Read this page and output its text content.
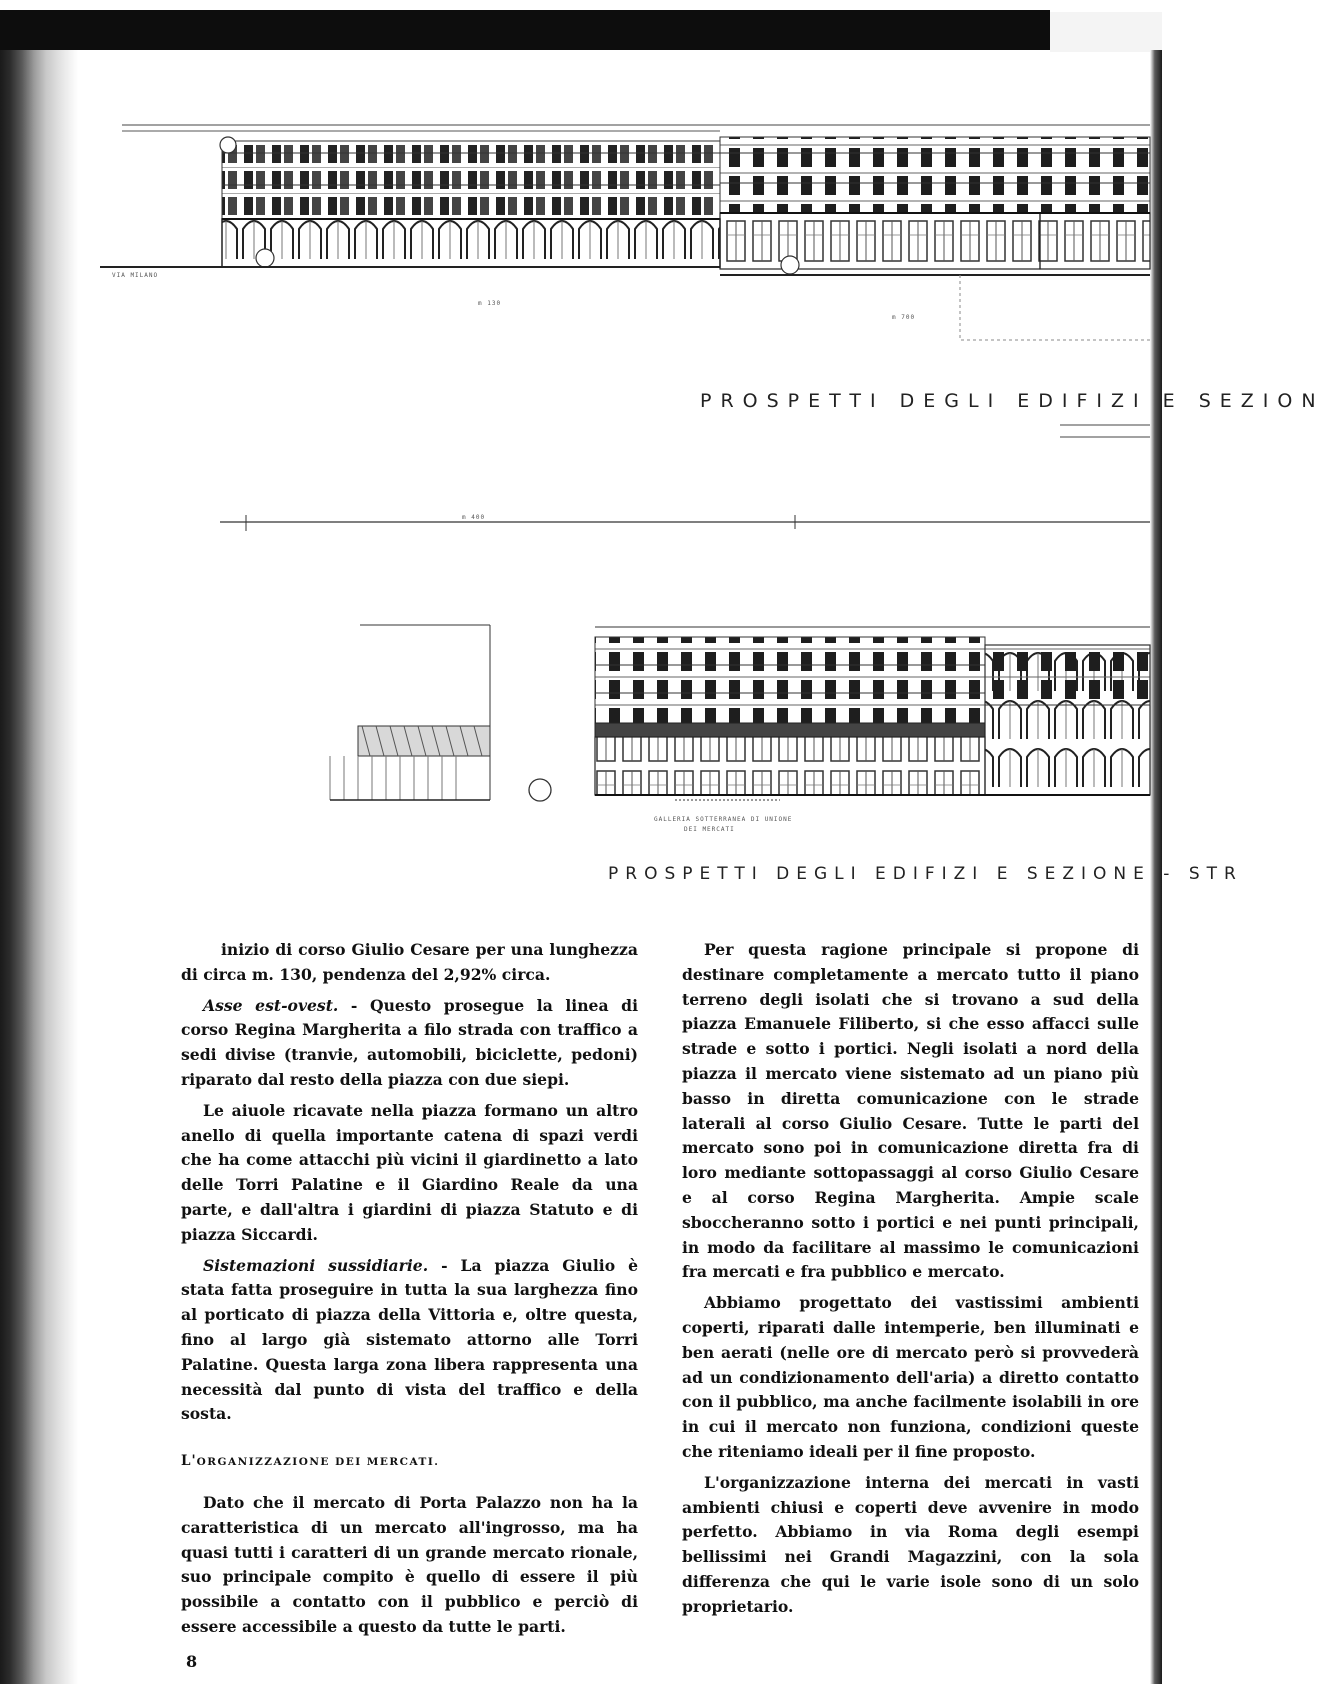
VIA MILANO
m 130
m 700
m 400
GALLERIA SOTTERRANEA DI UNIONE
DEI MERCATI
PROSPETTI DEGLI EDIFIZI E SEZION
PROSPETTI DEGLI EDIFIZI E SEZIONE - STR

inizio di corso Giulio Cesare per una lunghezza di circa m. 130, pendenza del 2,92% circa.

Asse est-ovest. - Questo prosegue la linea di corso Regina Margherita a filo strada con traffico a sedi divise (tranvie, automobili, biciclette, pedoni) riparato dal resto della piazza con due siepi.

Le aiuole ricavate nella piazza formano un altro anello di quella importante catena di spazi verdi che ha come attacchi più vicini il giardinetto a lato delle Torri Palatine e il Giardino Reale da una parte, e dall'altra i giardini di piazza Statuto e di piazza Siccardi.

Sistemazioni sussidiarie. - La piazza Giulio è stata fatta proseguire in tutta la sua larghezza fino al porticato di piazza della Vittoria e, oltre questa, fino al largo già sistemato attorno alle Torri Palatine. Questa larga zona libera rappresenta una necessità dal punto di vista del traffico e della sosta.

L'ORGANIZZAZIONE DEI MERCATI.

Dato che il mercato di Porta Palazzo non ha la caratteristica di un mercato all'ingrosso, ma ha quasi tutti i caratteri di un grande mercato rionale, suo principale compito è quello di essere il più possibile a contatto con il pubblico e perciò di essere accessibile a questo da tutte le parti.

Per questa ragione principale si propone di destinare completamente a mercato tutto il piano terreno degli isolati che si trovano a sud della piazza Emanuele Filiberto, si che esso affacci sulle strade e sotto i portici. Negli isolati a nord della piazza il mercato viene sistemato ad un piano più basso in diretta comunicazione con le strade laterali al corso Giulio Cesare. Tutte le parti del mercato sono poi in comunicazione diretta fra di loro mediante sottopassaggi al corso Giulio Cesare e al corso Regina Margherita. Ampie scale sboccheranno sotto i portici e nei punti principali, in modo da facilitare al massimo le comunicazioni fra mercati e fra pubblico e mercato.

Abbiamo progettato dei vastissimi ambienti coperti, riparati dalle intemperie, ben illuminati e ben aerati (nelle ore di mercato però si provvederà ad un condizionamento dell'aria) a diretto contatto con il pubblico, ma anche facilmente isolabili in ore in cui il mercato non funziona, condizioni queste che riteniamo ideali per il fine proposto.

L'organizzazione interna dei mercati in vasti ambienti chiusi e coperti deve avvenire in modo perfetto. Abbiamo in via Roma degli esempi bellissimi nei Grandi Magazzini, con la sola differenza che qui le varie isole sono di un solo proprietario.

8
